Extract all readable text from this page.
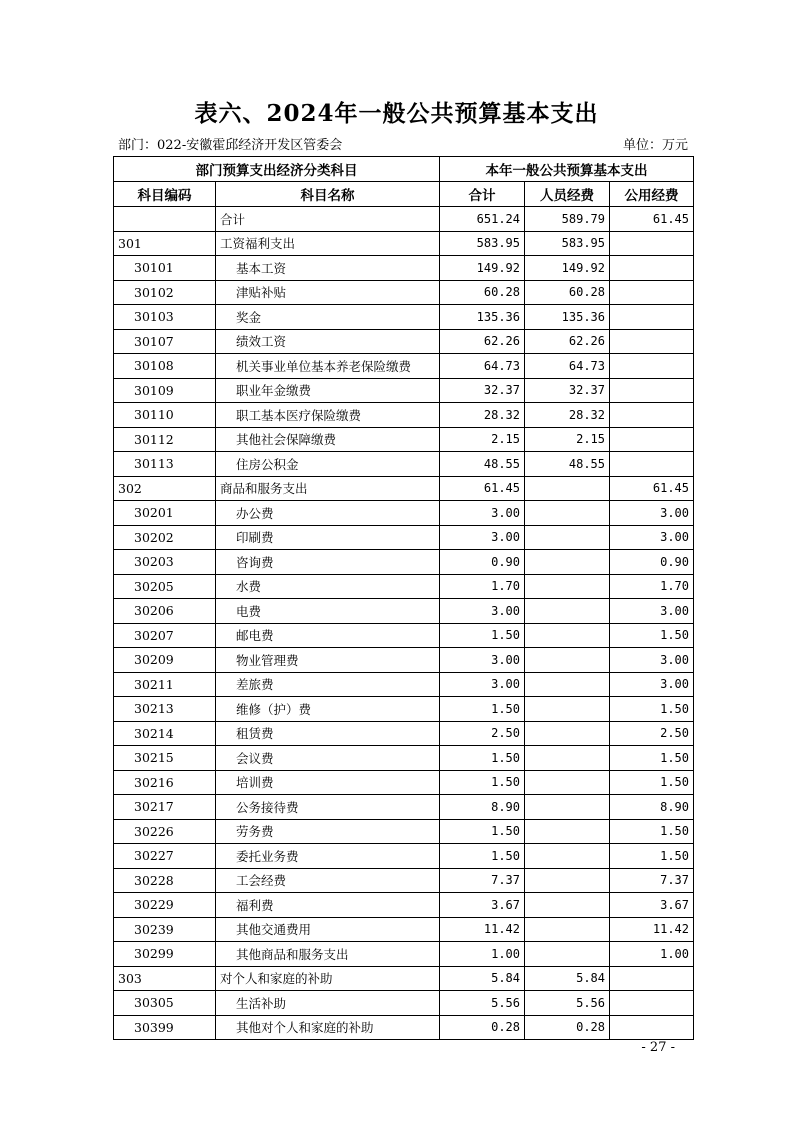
表六、2024年一般公共预算基本支出
部门：022-安徽霍邱经济开发区管委会	单位：万元
部门预算支出经济分类科目		本年一般公共预算基本支出		
科目编码	科目名称	合计	人员经费	公用经费
	合计	651.24	589.79	61.45
301	工资福利支出	583.95	583.95	
30101	基本工资	149.92	149.92	
30102	津贴补贴	60.28	60.28	
30103	奖金	135.36	135.36	
30107	绩效工资	62.26	62.26	
30108	机关事业单位基本养老保险缴费	64.73	64.73	
30109	职业年金缴费	32.37	32.37	
30110	职工基本医疗保险缴费	28.32	28.32	
30112	其他社会保障缴费	2.15	2.15	
30113	住房公积金	48.55	48.55	
302	商品和服务支出	61.45		61.45
30201	办公费	3.00		3.00
30202	印刷费	3.00		3.00
30203	咨询费	0.90		0.90
30205	水费	1.70		1.70
30206	电费	3.00		3.00
30207	邮电费	1.50		1.50
30209	物业管理费	3.00		3.00
30211	差旅费	3.00		3.00
30213	维修（护）费	1.50		1.50
30214	租赁费	2.50		2.50
30215	会议费	1.50		1.50
30216	培训费	1.50		1.50
30217	公务接待费	8.90		8.90
30226	劳务费	1.50		1.50
30227	委托业务费	1.50		1.50
30228	工会经费	7.37		7.37
30229	福利费	3.67		3.67
30239	其他交通费用	11.42		11.42
30299	其他商品和服务支出	1.00		1.00
303	对个人和家庭的补助	5.84	5.84	
30305	生活补助	5.56	5.56	
30399	其他对个人和家庭的补助	0.28	0.28	
- 27 -
